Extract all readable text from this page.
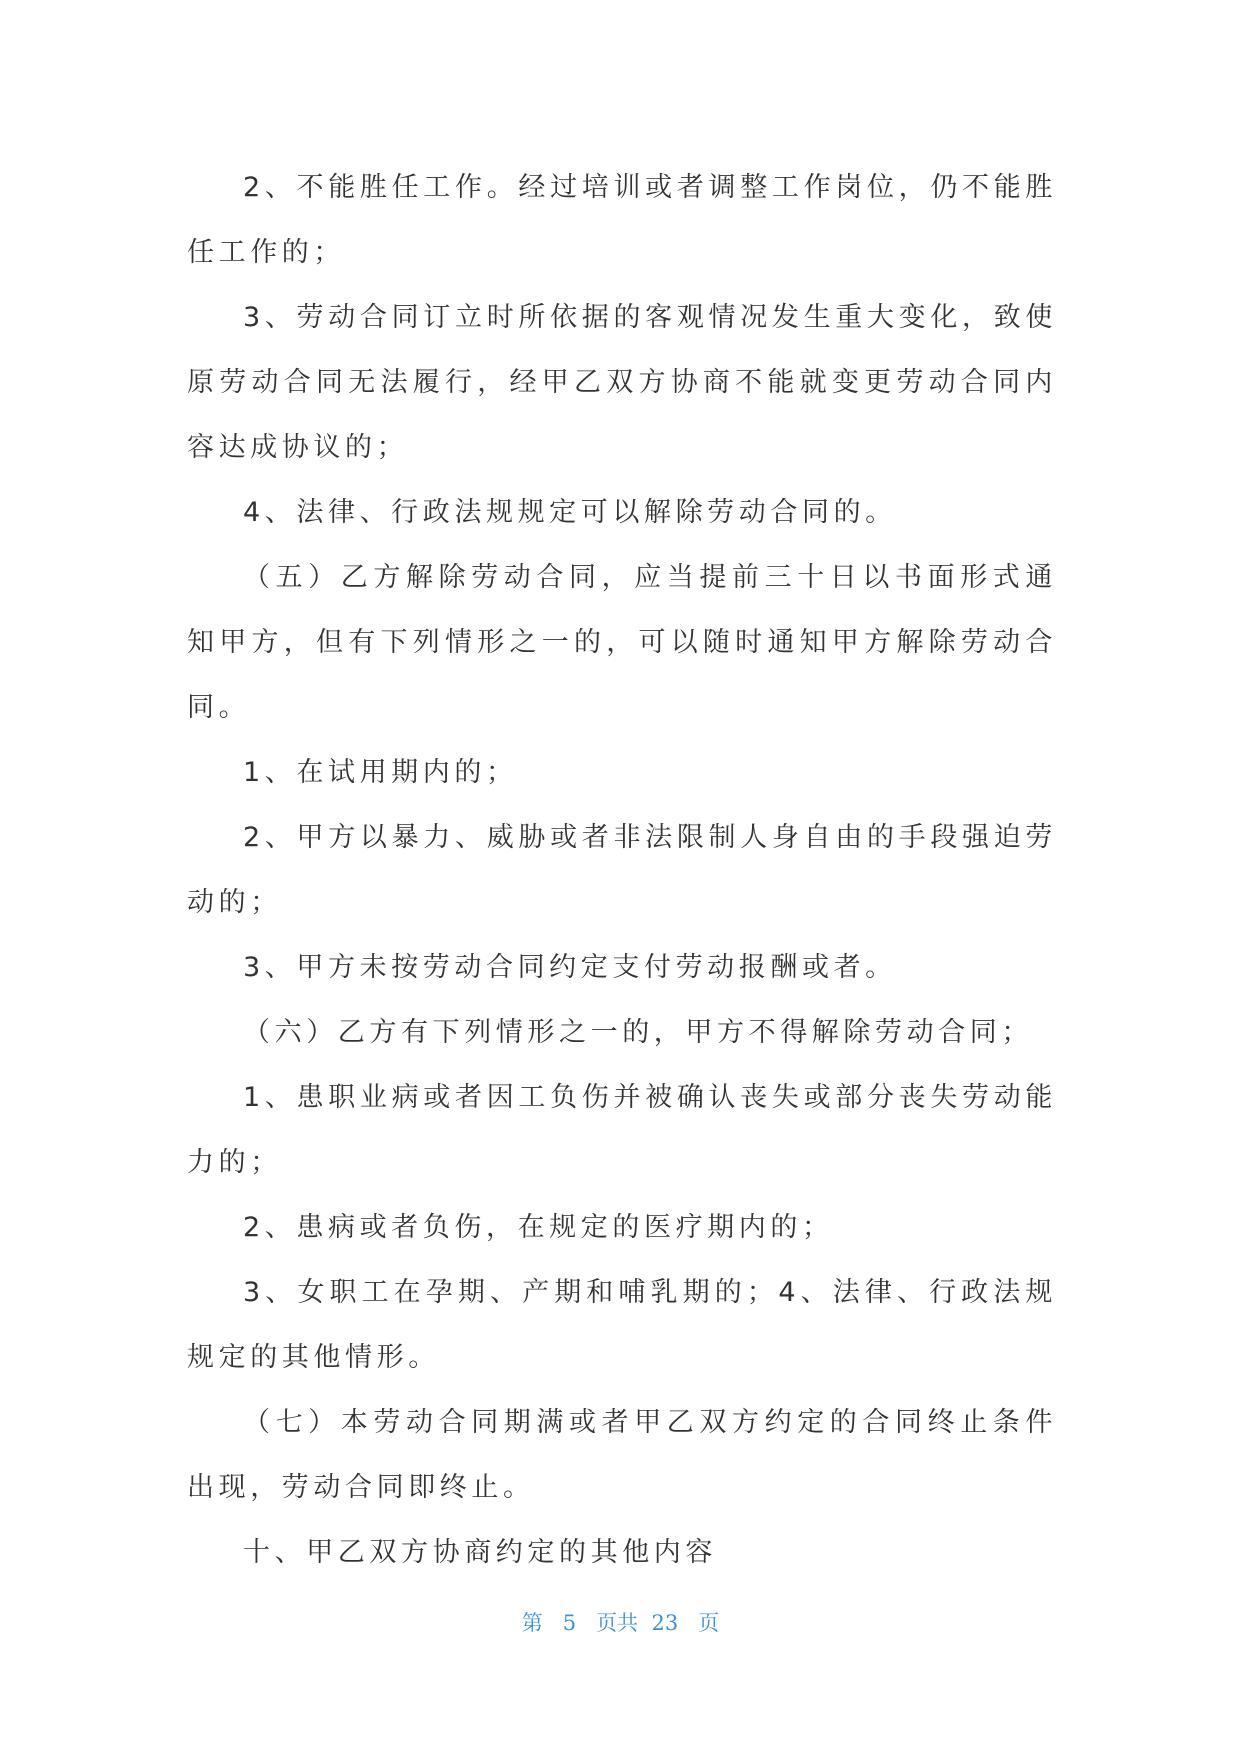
2、不能胜任工作。经过培训或者调整工作岗位，仍不能胜任工作的；

3、劳动合同订立时所依据的客观情况发生重大变化，致使原劳动合同无法履行，经甲乙双方协商不能就变更劳动合同内容达成协议的；

4、法律、行政法规规定可以解除劳动合同的。

（五）乙方解除劳动合同，应当提前三十日以书面形式通知甲方，但有下列情形之一的，可以随时通知甲方解除劳动合同。

1、在试用期内的；

2、甲方以暴力、威胁或者非法限制人身自由的手段强迫劳动的；

3、甲方未按劳动合同约定支付劳动报酬或者。

（六）乙方有下列情形之一的，甲方不得解除劳动合同；

1、患职业病或者因工负伤并被确认丧失或部分丧失劳动能力的；

2、患病或者负伤，在规定的医疗期内的；

3、女职工在孕期、产期和哺乳期的；4、法律、行政法规规定的其他情形。

（七）本劳动合同期满或者甲乙双方约定的合同终止条件出现，劳动合同即终止。

十、甲乙双方协商约定的其他内容

第 5 页共 23 页
